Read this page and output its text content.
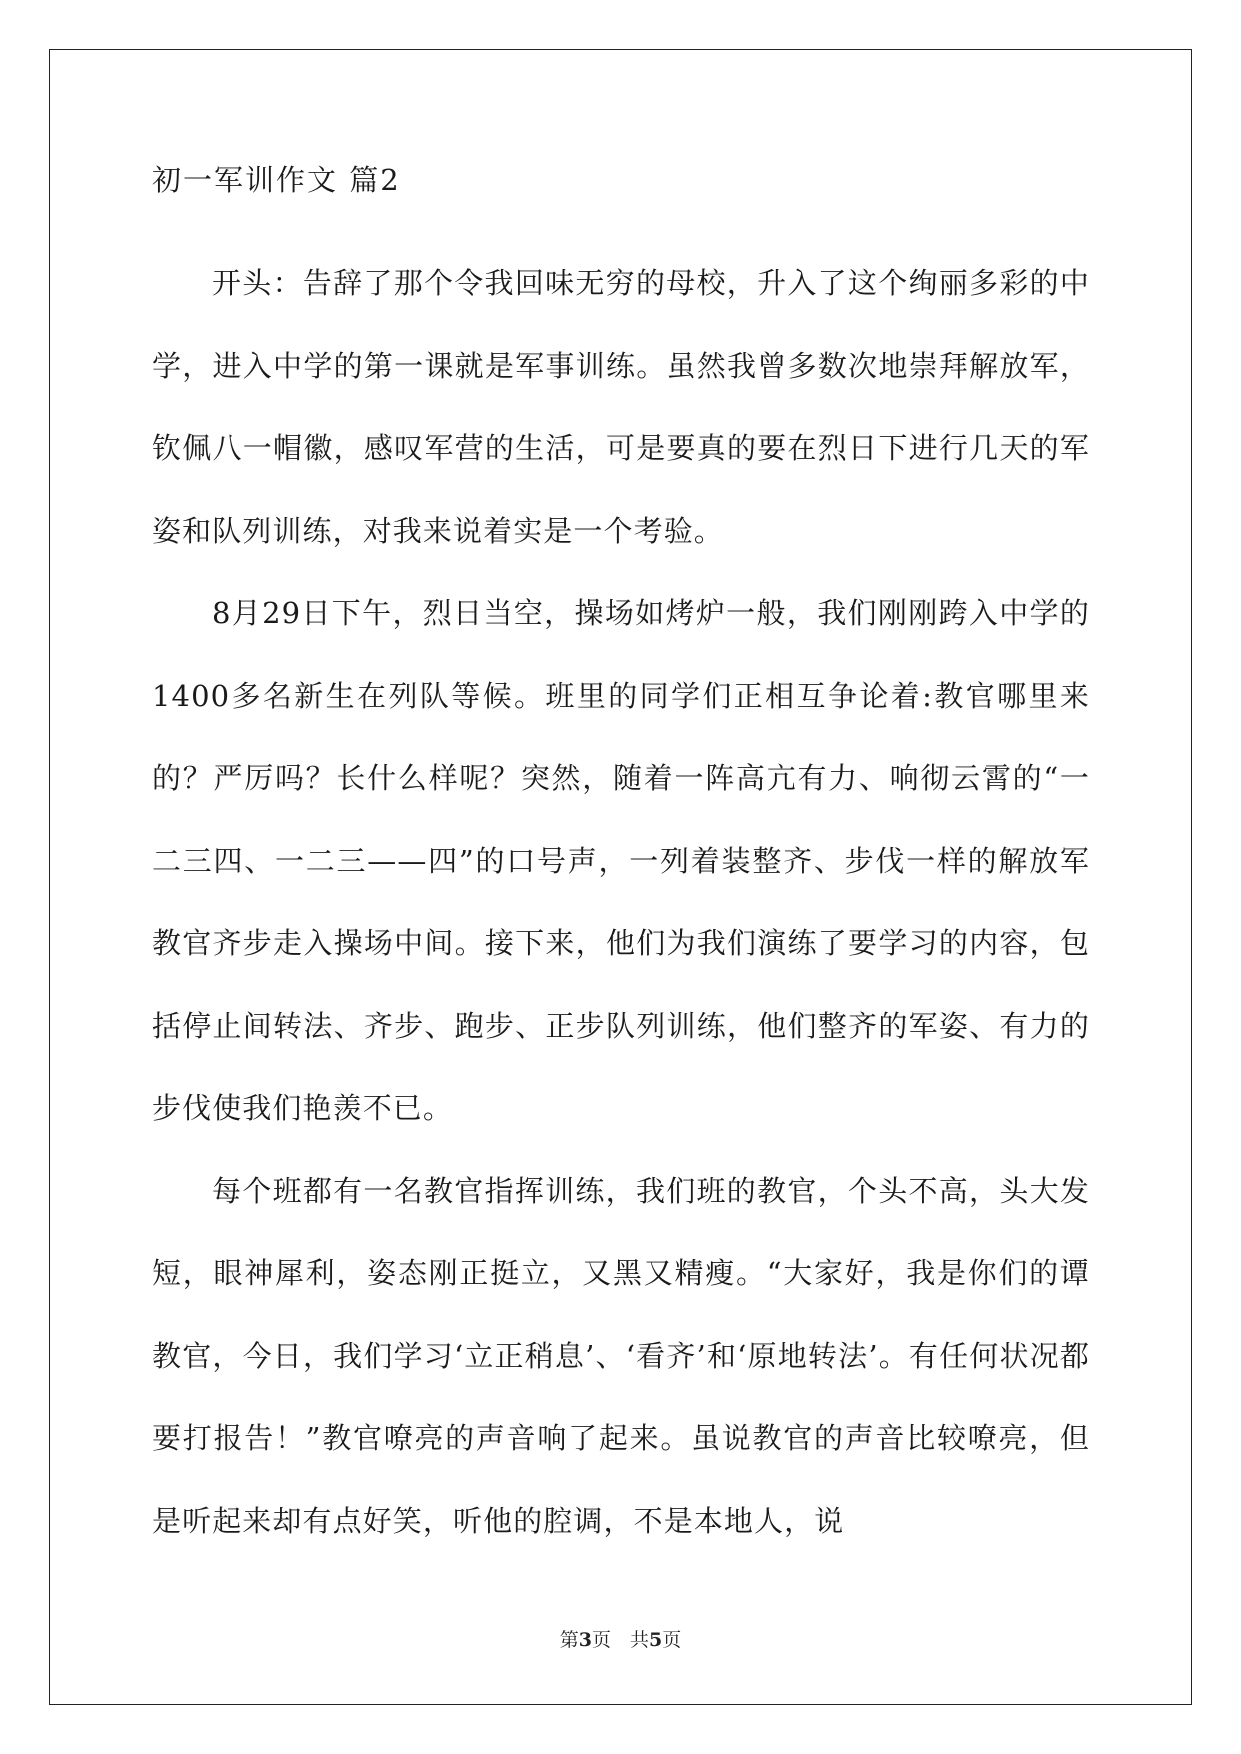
初一军训作文 篇2

开头：告辞了那个令我回味无穷的母校，升入了这个绚丽多彩的中学，进入中学的第一课就是军事训练。虽然我曾多数次地崇拜解放军，钦佩八一帽徽，感叹军营的生活，可是要真的要在烈日下进行几天的军姿和队列训练，对我来说着实是一个考验。

8月29日下午，烈日当空，操场如烤炉一般，我们刚刚跨入中学的1400多名新生在列队等候。班里的同学们正相互争论着:教官哪里来的？严厉吗？长什么样呢？突然，随着一阵高亢有力、响彻云霄的“一二三四、一二三——四”的口号声，一列着装整齐、步伐一样的解放军教官齐步走入操场中间。接下来，他们为我们演练了要学习的内容，包括停止间转法、齐步、跑步、正步队列训练，他们整齐的军姿、有力的步伐使我们艳羡不已。

每个班都有一名教官指挥训练，我们班的教官，个头不高，头大发短，眼神犀利，姿态刚正挺立，又黑又精瘦。“大家好，我是你们的谭教官，今日，我们学习‘立正稍息’、‘看齐’和‘原地转法’。有任何状况都要打报告！”教官嘹亮的声音响了起来。虽说教官的声音比较嘹亮，但是听起来却有点好笑，听他的腔调，不是本地人，说

第3页　共5页
